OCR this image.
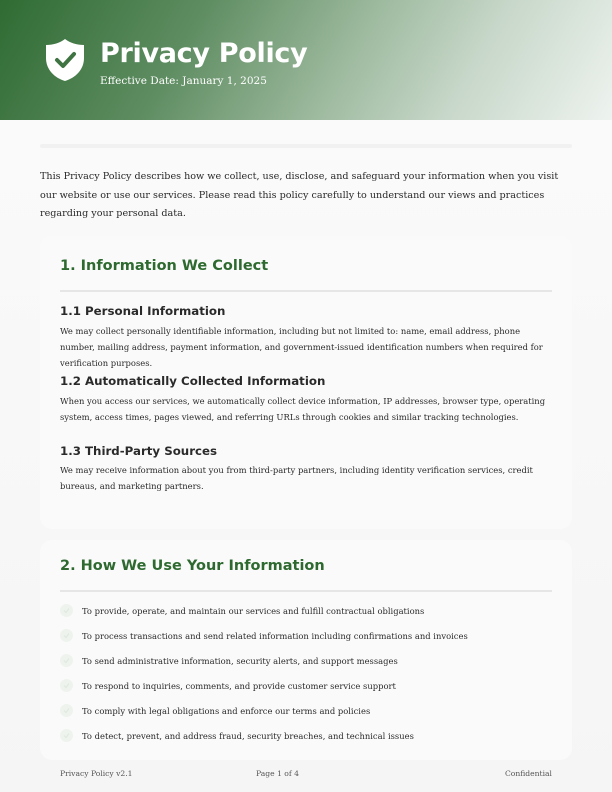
Privacy Policy
Effective Date: January 1, 2025

This Privacy Policy describes how we collect, use, disclose, and safeguard your information when you visit our website or use our services. Please read this policy carefully to understand our views and practices regarding your personal data.

1. Information We Collect
1.1 Personal Information

We may collect personally identifiable information, including but not limited to: name, email address, phone number, mailing address, payment information, and government-issued identification numbers when required for verification purposes.

1.2 Automatically Collected Information

When you access our services, we automatically collect device information, IP addresses, browser type, operating system, access times, pages viewed, and referring URLs through cookies and similar tracking technologies.

1.3 Third-Party Sources

We may receive information about you from third-party partners, including identity verification services, credit bureaus, and marketing partners.

2. How We Use Your Information
To provide, operate, and maintain our services and fulfill contractual obligations
To process transactions and send related information including confirmations and invoices
To send administrative information, security alerts, and support messages
To respond to inquiries, comments, and provide customer service support
To comply with legal obligations and enforce our terms and policies
To detect, prevent, and address fraud, security breaches, and technical issues
Privacy Policy v2.1	Page 1 of 4	Confidential
